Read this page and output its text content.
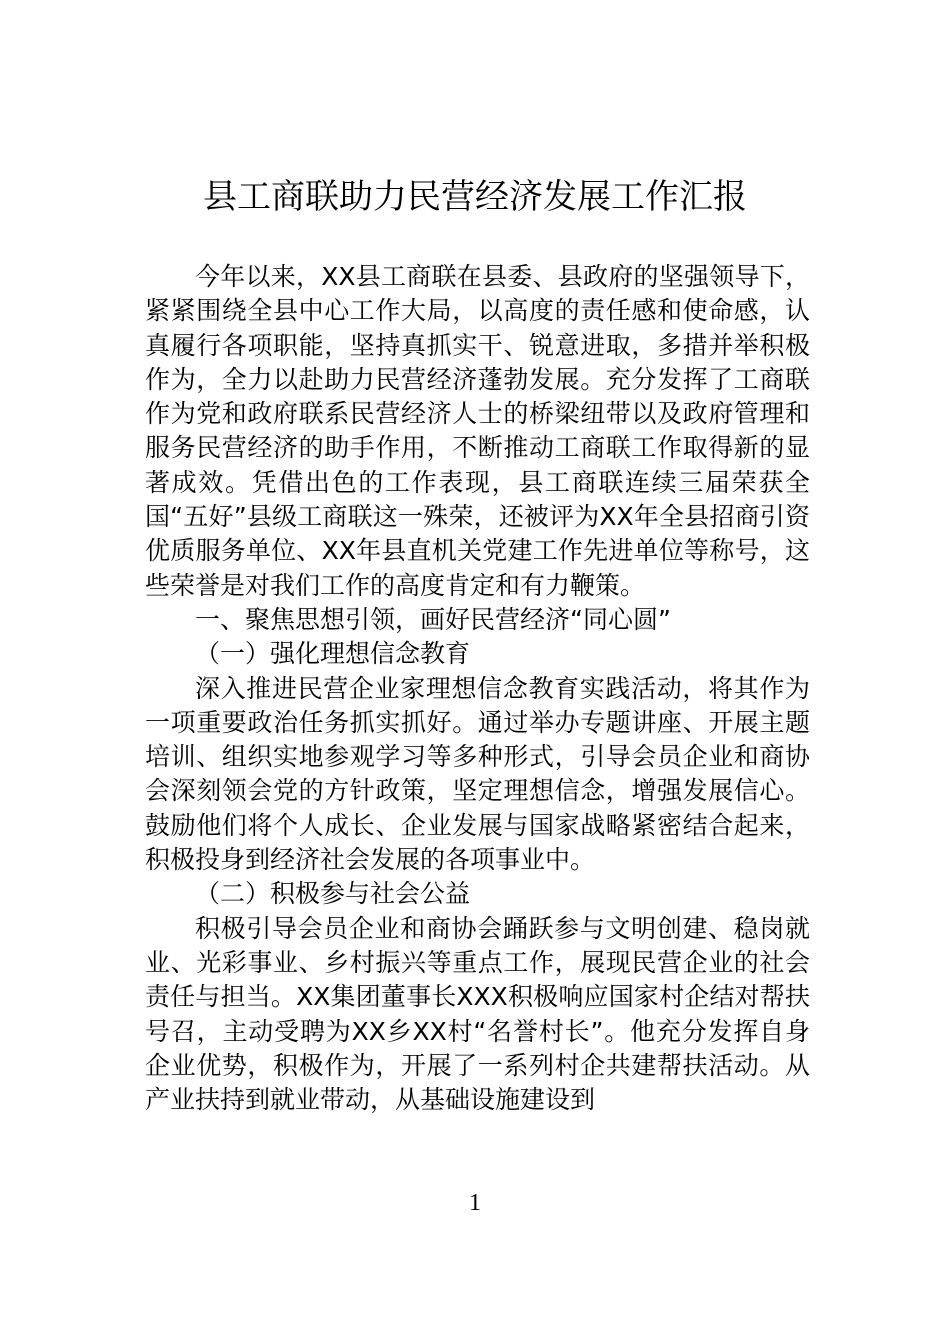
县工商联助力民营经济发展工作汇报

今年以来，XX县工商联在县委、县政府的坚强领导下，紧紧围绕全县中心工作大局，以高度的责任感和使命感，认真履行各项职能，坚持真抓实干、锐意进取，多措并举积极作为，全力以赴助力民营经济蓬勃发展。充分发挥了工商联作为党和政府联系民营经济人士的桥梁纽带以及政府管理和服务民营经济的助手作用，不断推动工商联工作取得新的显著成效。凭借出色的工作表现，县工商联连续三届荣获全国“五好”县级工商联这一殊荣，还被评为XX年全县招商引资优质服务单位、XX年县直机关党建工作先进单位等称号，这些荣誉是对我们工作的高度肯定和有力鞭策。

一、聚焦思想引领，画好民营经济“同心圆”

（一）强化理想信念教育

深入推进民营企业家理想信念教育实践活动，将其作为一项重要政治任务抓实抓好。通过举办专题讲座、开展主题培训、组织实地参观学习等多种形式，引导会员企业和商协会深刻领会党的方针政策，坚定理想信念，增强发展信心。鼓励他们将个人成长、企业发展与国家战略紧密结合起来，积极投身到经济社会发展的各项事业中。

（二）积极参与社会公益

积极引导会员企业和商协会踊跃参与文明创建、稳岗就业、光彩事业、乡村振兴等重点工作，展现民营企业的社会责任与担当。XX集团董事长XXX积极响应国家村企结对帮扶号召，主动受聘为XX乡XX村“名誉村长”。他充分发挥自身企业优势，积极作为，开展了一系列村企共建帮扶活动。从产业扶持到就业带动，从基础设施建设到

1
